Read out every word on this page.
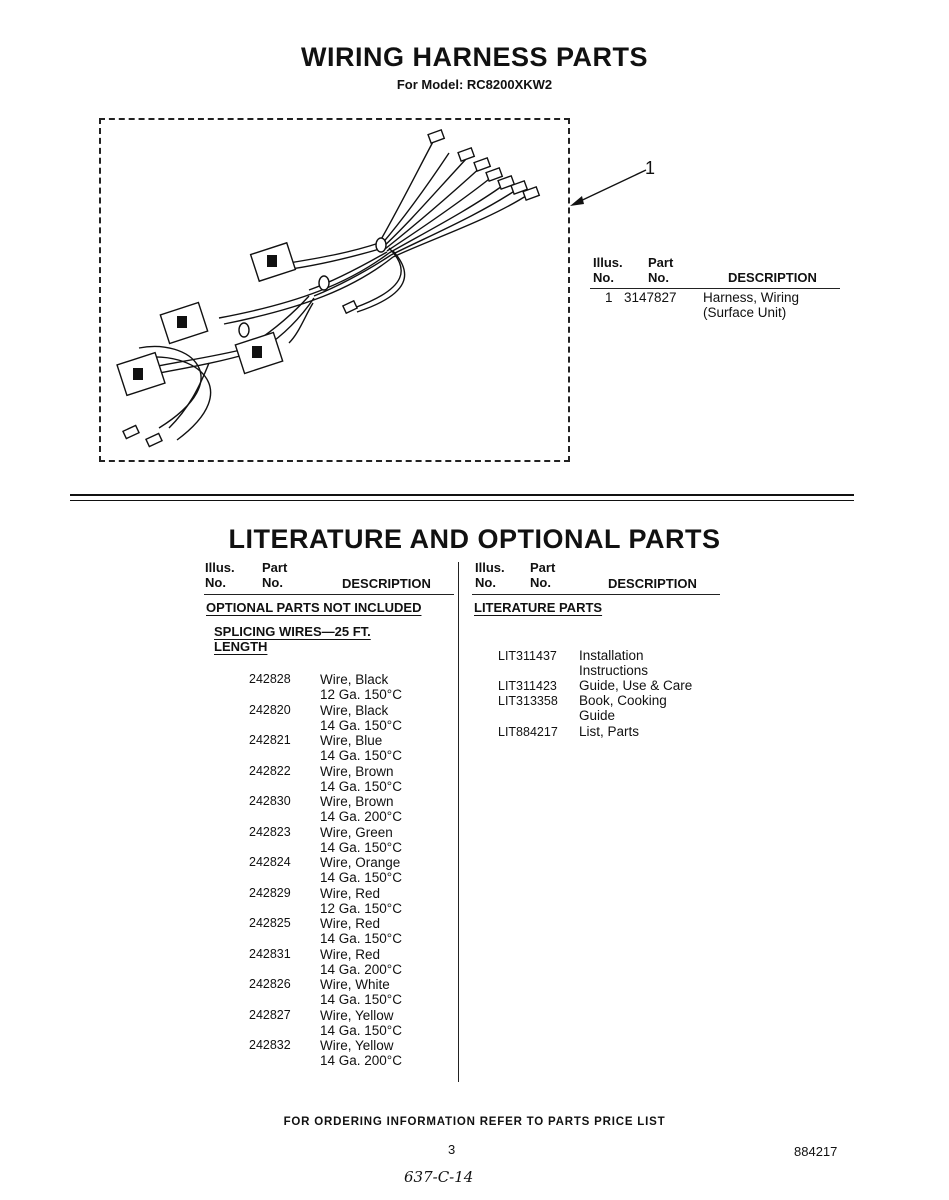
WIRING HARNESS PARTS
For Model: RC8200XKW2
1
Illus. No.
Part No.	DESCRIPTION
1 3147827 Harness, Wiring
(Surface Unit)
LITERATURE AND OPTIONAL PARTS
Illus. No.
Part No.	DESCRIPTION
OPTIONAL PARTS NOT INCLUDED
SPLICING WIRES—25 FT. LENGTH
242828 Wire, Black
12 Ga. 150°C
242820 Wire, Black
14 Ga. 150°C
242821 Wire, Blue
14 Ga. 150°C
242822 Wire, Brown
14 Ga. 150°C
242830 Wire, Brown
14 Ga. 200°C
242823 Wire, Green
14 Ga. 150°C
242824 Wire, Orange
14 Ga. 150°C
242829 Wire, Red
12 Ga. 150°C
242825 Wire, Red
14 Ga. 150°C
242831 Wire, Red
14 Ga. 200°C
242826 Wire, White
14 Ga. 150°C
242827 Wire, Yellow
14 Ga. 150°C
242832 Wire, Yellow
14 Ga. 200°C
Illus. No.
Part No.	DESCRIPTION
LITERATURE PARTS
LIT311437 Installation
Instructions
LIT311423 Guide, Use & Care
LIT313358 Book, Cooking
Guide
LIT884217 List, Parts
FOR ORDERING INFORMATION REFER TO PARTS PRICE LIST
3	884217
637-C-14
